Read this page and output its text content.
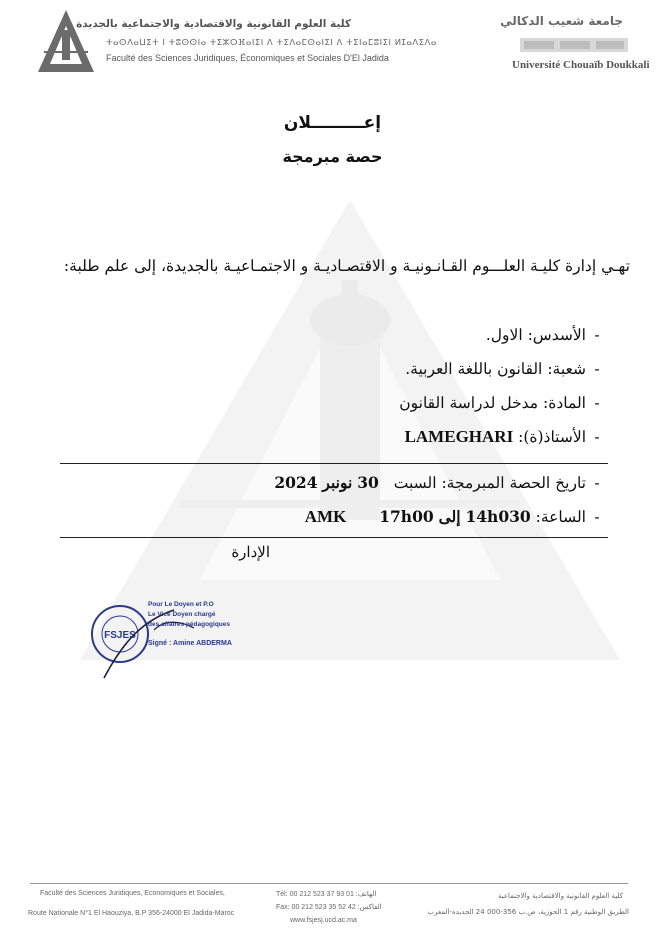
كلية العلوم القانونية والاقتصادية والاجتماعية بالجديدة
ⵜⴰⵙⴷⴰⵡⵉⵜ ⵏ ⵜⵓⵙⵙⵏⴰ ⵜⵉⵣⵔⴼⴰⵏⵉⵏ ⴷ ⵜⵉⴷⴰⵎⵙⴰⵏⵉⵏ ⴷ ⵜⵉⵏⴰⵎⵓⵏⵉⵏ ⵍⵊⴰⴷⵉⴷⴰ
Faculté des Sciences Juridiques, Économiques et Sociales D'El Jadida
جامعة شعيب الدكالي
Université Chouaïb Doukkali
إعـــــــــلان
حصة مبرمجة
تهـي إدارة كليـة العلـــوم القـانـونيـة و الاقتصـاديـة و الاجتمـاعيـة بالجديدة، إلى علم طلبة:
-الأسدس: الاول.
-شعبة: القانون باللغة العربية.
-المادة: مدخل لدراسة القانون
-الأستاذ(ة): LAMEGHARI
-تاريخ الحصة المبرمجة: السبت 30 نونبر 2024
-الساعة: 14h030 إلى 17h00 AMK
الإدارة
FSJES
Pour Le Doyen et P.O
Le Vice Doyen chargé
des affaires pédagogiques
Signé : Amine ABDERMA
Faculté des Sciences Juridiques, Economiques et Sociales,
Route Nationale N°1 El Haouziya, B.P 356-24000 El Jadida-Maroc
Tél: 00 212 523 37 93 01 :الهاتف
Fax: 00 212 523 35 52 42 :الفاكس
www.fsjesj.ucd.ac.ma
كلية العلوم القانونية والاقتصادية والاجتماعية
الطريق الوطنية رقم 1 الحوزية، ص.ب 356-000 24 الجديدة-المغرب
